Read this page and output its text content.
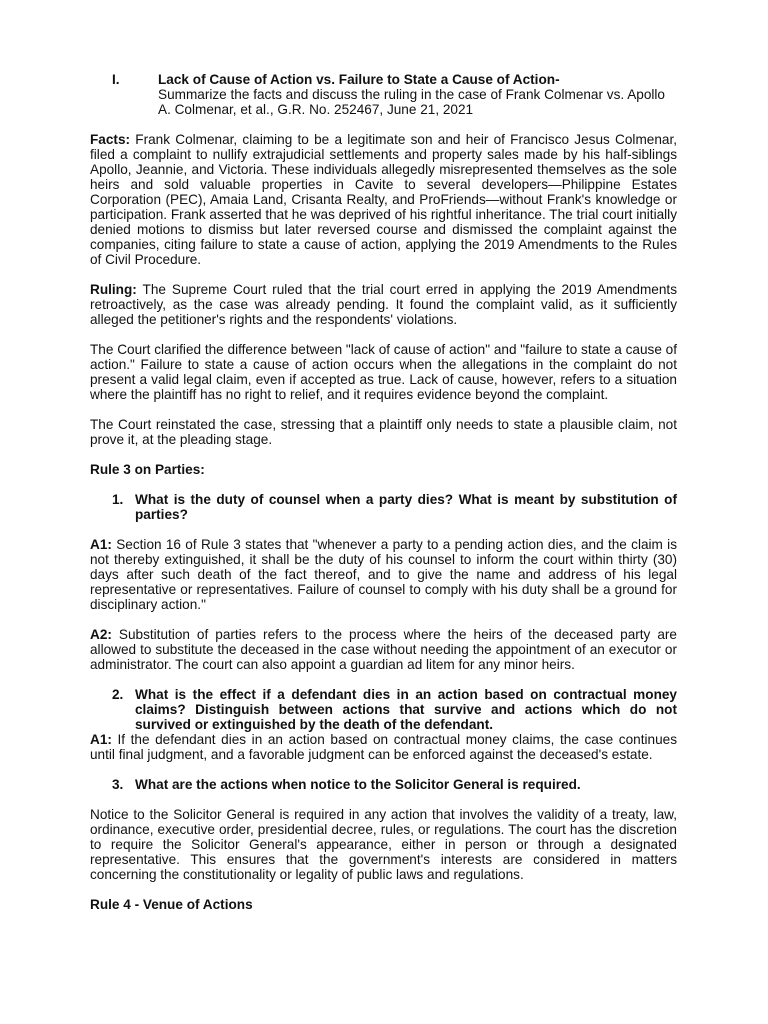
I.	Lack of Cause of Action vs. Failure to State a Cause of Action-
Summarize the facts and discuss the ruling in the case of Frank Colmenar vs. Apollo A. Colmenar, et al., G.R. No. 252467, June 21, 2021

Facts: Frank Colmenar, claiming to be a legitimate son and heir of Francisco Jesus Colmenar, filed a complaint to nullify extrajudicial settlements and property sales made by his half-siblings Apollo, Jeannie, and Victoria. These individuals allegedly misrepresented themselves as the sole heirs and sold valuable properties in Cavite to several developers—Philippine Estates Corporation (PEC), Amaia Land, Crisanta Realty, and ProFriends—without Frank's knowledge or participation. Frank asserted that he was deprived of his rightful inheritance. The trial court initially denied motions to dismiss but later reversed course and dismissed the complaint against the companies, citing failure to state a cause of action, applying the 2019 Amendments to the Rules of Civil Procedure.

Ruling: The Supreme Court ruled that the trial court erred in applying the 2019 Amendments retroactively, as the case was already pending. It found the complaint valid, as it sufficiently alleged the petitioner's rights and the respondents' violations.

The Court clarified the difference between "lack of cause of action" and "failure to state a cause of action." Failure to state a cause of action occurs when the allegations in the complaint do not present a valid legal claim, even if accepted as true. Lack of cause, however, refers to a situation where the plaintiff has no right to relief, and it requires evidence beyond the complaint.

The Court reinstated the case, stressing that a plaintiff only needs to state a plausible claim, not prove it, at the pleading stage.

Rule 3 on Parties:
1. What is the duty of counsel when a party dies? What is meant by substitution of parties?

A1: Section 16 of Rule 3 states that "whenever a party to a pending action dies, and the claim is not thereby extinguished, it shall be the duty of his counsel to inform the court within thirty (30) days after such death of the fact thereof, and to give the name and address of his legal representative or representatives. Failure of counsel to comply with his duty shall be a ground for disciplinary action."

A2: Substitution of parties refers to the process where the heirs of the deceased party are allowed to substitute the deceased in the case without needing the appointment of an executor or administrator. The court can also appoint a guardian ad litem for any minor heirs.

2. What is the effect if a defendant dies in an action based on contractual money claims? Distinguish between actions that survive and actions which do not survived or extinguished by the death of the defendant.

A1: If the defendant dies in an action based on contractual money claims, the case continues until final judgment, and a favorable judgment can be enforced against the deceased's estate.

3. What are the actions when notice to the Solicitor General is required.

Notice to the Solicitor General is required in any action that involves the validity of a treaty, law, ordinance, executive order, presidential decree, rules, or regulations. The court has the discretion to require the Solicitor General's appearance, either in person or through a designated representative. This ensures that the government's interests are considered in matters concerning the constitutionality or legality of public laws and regulations.

Rule 4 - Venue of Actions
